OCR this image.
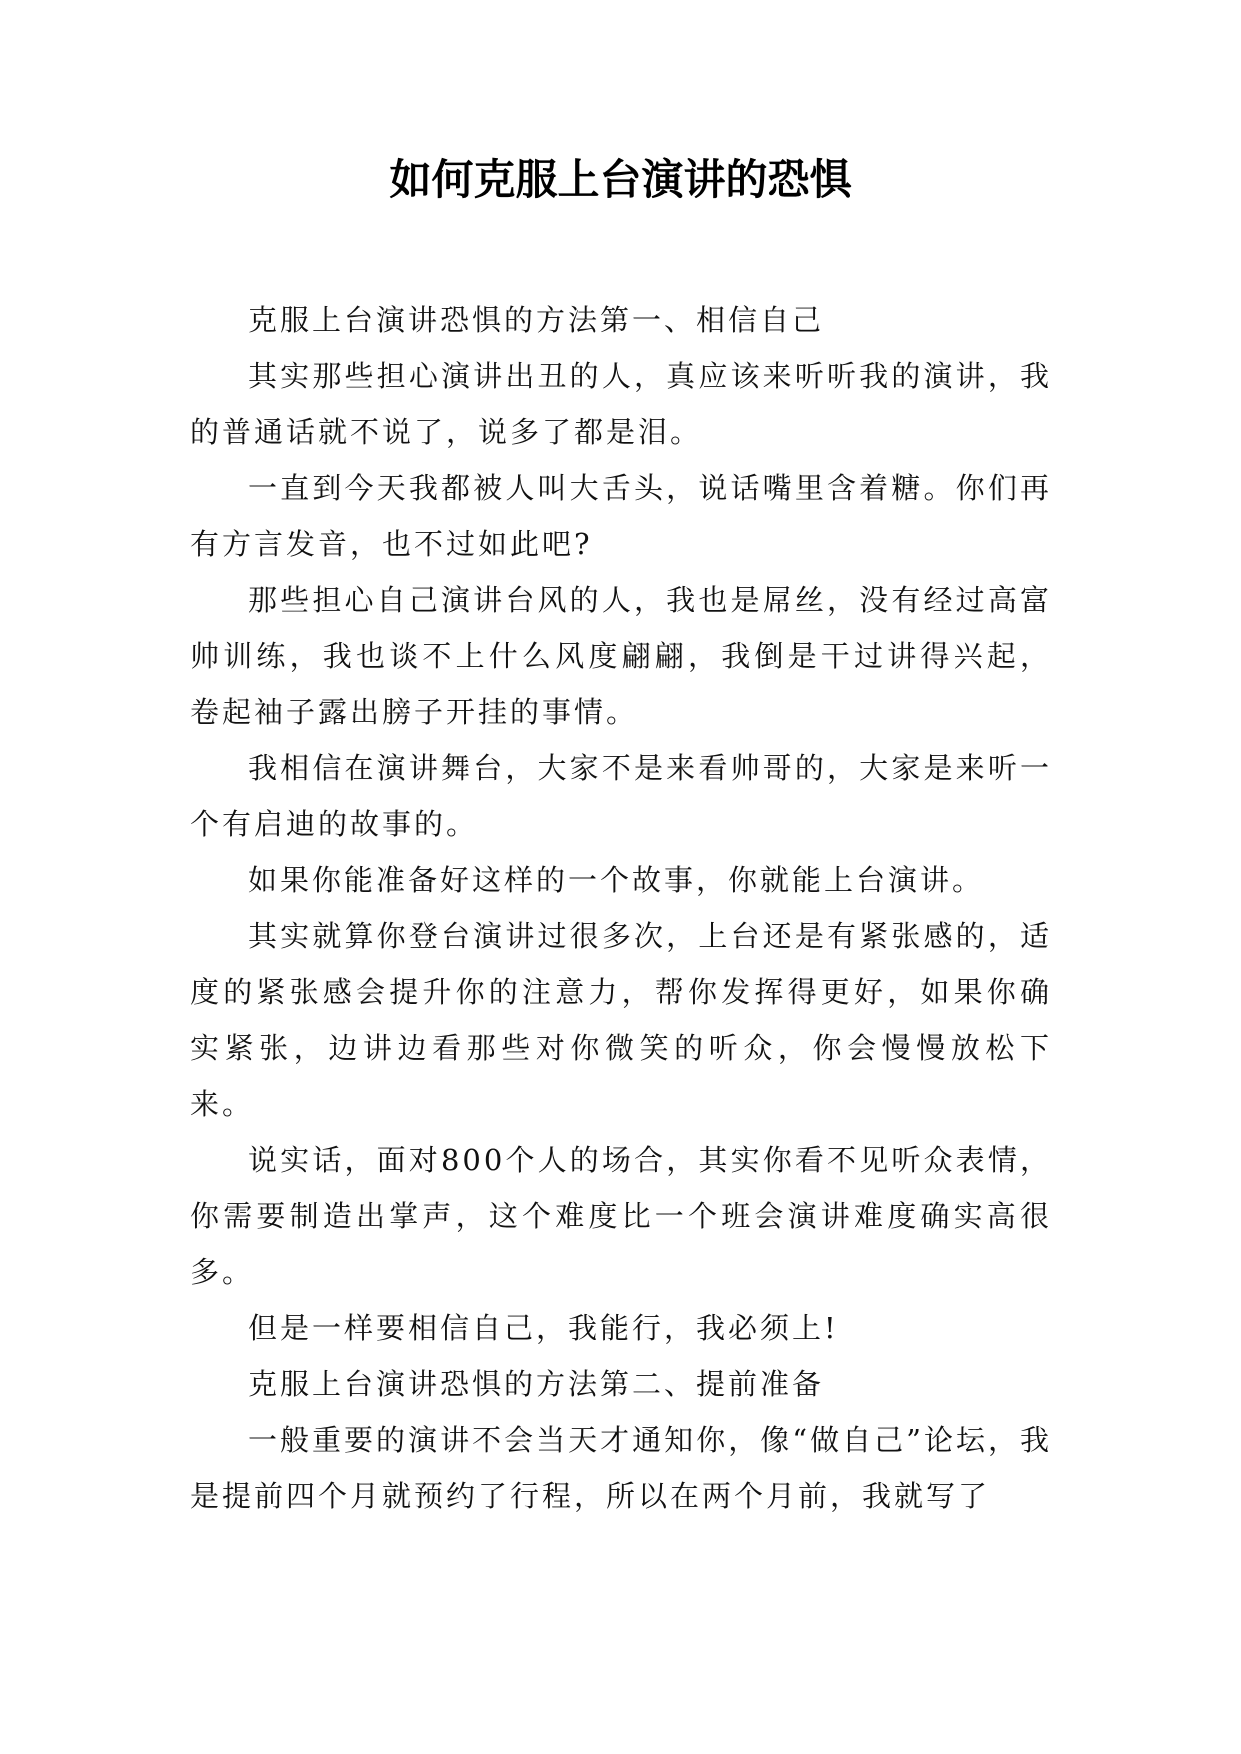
如何克服上台演讲的恐惧

克服上台演讲恐惧的方法第一、相信自己

其实那些担心演讲出丑的人，真应该来听听我的演讲，我的普通话就不说了，说多了都是泪。

一直到今天我都被人叫大舌头，说话嘴里含着糖。你们再有方言发音，也不过如此吧?

那些担心自己演讲台风的人，我也是屌丝，没有经过高富帅训练，我也谈不上什么风度翩翩，我倒是干过讲得兴起，卷起袖子露出膀子开挂的事情。

我相信在演讲舞台，大家不是来看帅哥的，大家是来听一个有启迪的故事的。

如果你能准备好这样的一个故事，你就能上台演讲。

其实就算你登台演讲过很多次，上台还是有紧张感的，适度的紧张感会提升你的注意力，帮你发挥得更好，如果你确实紧张，边讲边看那些对你微笑的听众，你会慢慢放松下来。

说实话，面对800个人的场合，其实你看不见听众表情，你需要制造出掌声，这个难度比一个班会演讲难度确实高很多。

但是一样要相信自己，我能行，我必须上!

克服上台演讲恐惧的方法第二、提前准备

一般重要的演讲不会当天才通知你，像“做自己”论坛，我是提前四个月就预约了行程，所以在两个月前，我就写了
